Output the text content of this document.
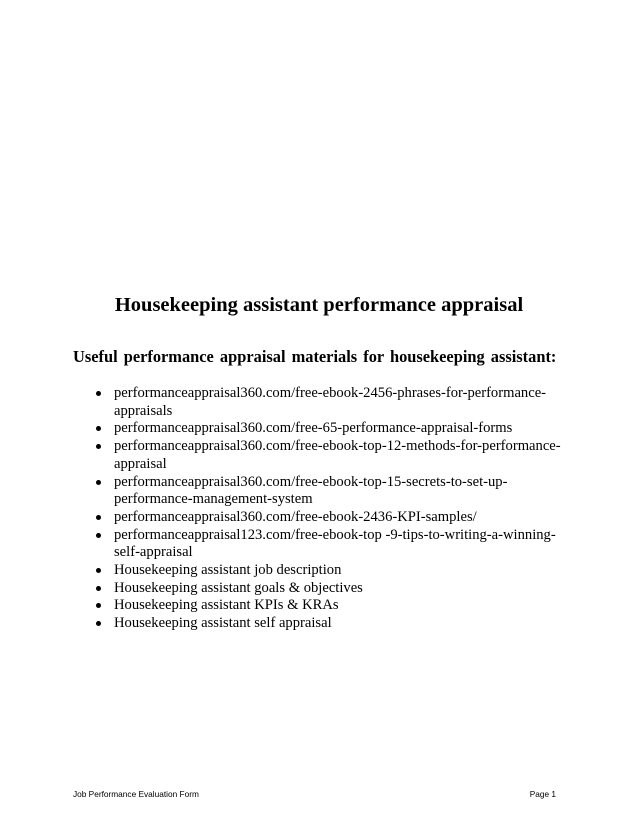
Housekeeping assistant performance appraisal
Useful performance appraisal materials for housekeeping assistant:
performanceappraisal360.com/free-ebook-2456-phrases-for-performance-appraisals
performanceappraisal360.com/free-65-performance-appraisal-forms
performanceappraisal360.com/free-ebook-top-12-methods-for-performance-appraisal
performanceappraisal360.com/free-ebook-top-15-secrets-to-set-up-performance-management-system
performanceappraisal360.com/free-ebook-2436-KPI-samples/
performanceappraisal123.com/free-ebook-top -9-tips-to-writing-a-winning-self-appraisal
Housekeeping assistant job description
Housekeeping assistant goals & objectives
Housekeeping assistant KPIs & KRAs
Housekeeping assistant self appraisal
Job Performance Evaluation Form	Page 1
